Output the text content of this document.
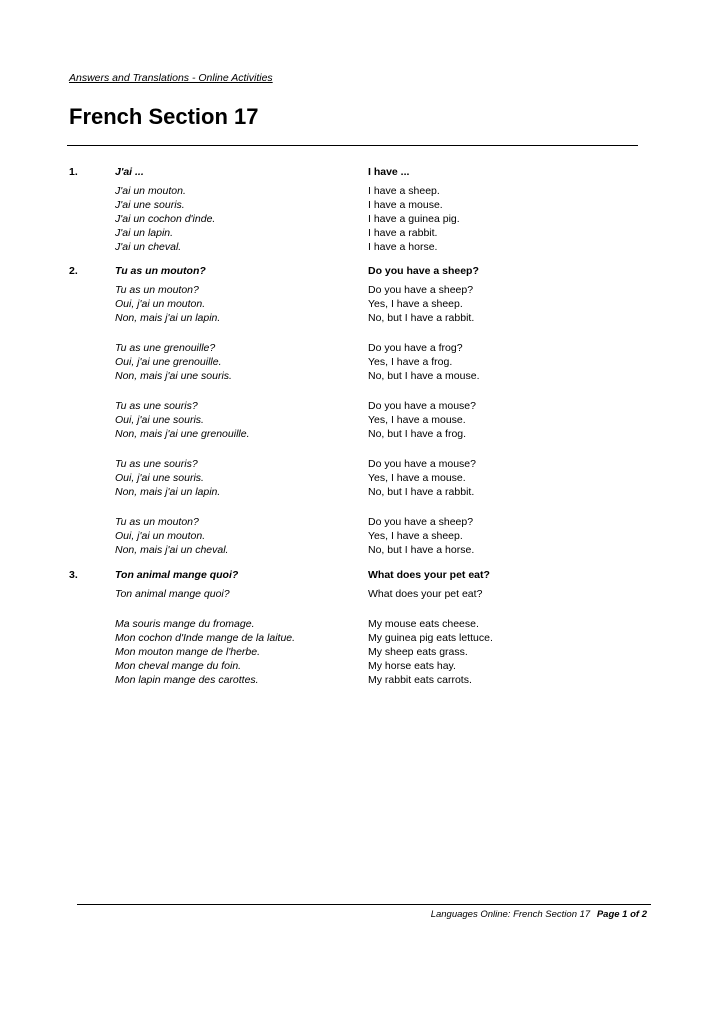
Answers and Translations - Online Activities
French Section 17
1.	J'ai ...	I have ...
J'ai un mouton.	I have a sheep.
J'ai une souris.	I have a mouse.
J'ai un cochon d'inde.	I have a guinea pig.
J'ai un lapin.	I have a rabbit.
J'ai un cheval.	I have a horse.
2.	Tu as un mouton?	Do you have a sheep?
Tu as un mouton?	Do you have a sheep?
Oui, j'ai un mouton.	Yes, I have a sheep.
Non, mais j'ai un lapin.	No, but I have a rabbit.
Tu as une grenouille?	Do you have a frog?
Oui, j'ai une grenouille.	Yes, I have a frog.
Non, mais j'ai une souris.	No, but I have a mouse.
Tu as une souris?	Do you have a mouse?
Oui, j'ai une souris.	Yes, I have a mouse.
Non, mais j'ai une grenouille.	No, but I have a frog.
Tu as une souris?	Do you have a mouse?
Oui, j'ai une souris.	Yes, I have a mouse.
Non, mais j'ai un lapin.	No, but I have a rabbit.
Tu as un mouton?	Do you have a sheep?
Oui, j'ai un mouton.	Yes, I have a sheep.
Non, mais j'ai un cheval.	No, but I have a horse.
3.	Ton animal mange quoi?	What does your pet eat?
Ton animal mange quoi?	What does your pet eat?
Ma souris mange du fromage.	My mouse eats cheese.
Mon cochon d'Inde mange de la laitue.	My guinea pig eats lettuce.
Mon mouton mange de l'herbe.	My sheep eats grass.
Mon cheval mange du foin.	My horse eats hay.
Mon lapin mange des carottes.	My rabbit eats carrots.
Languages Online: French Section 17 Page 1 of 2
